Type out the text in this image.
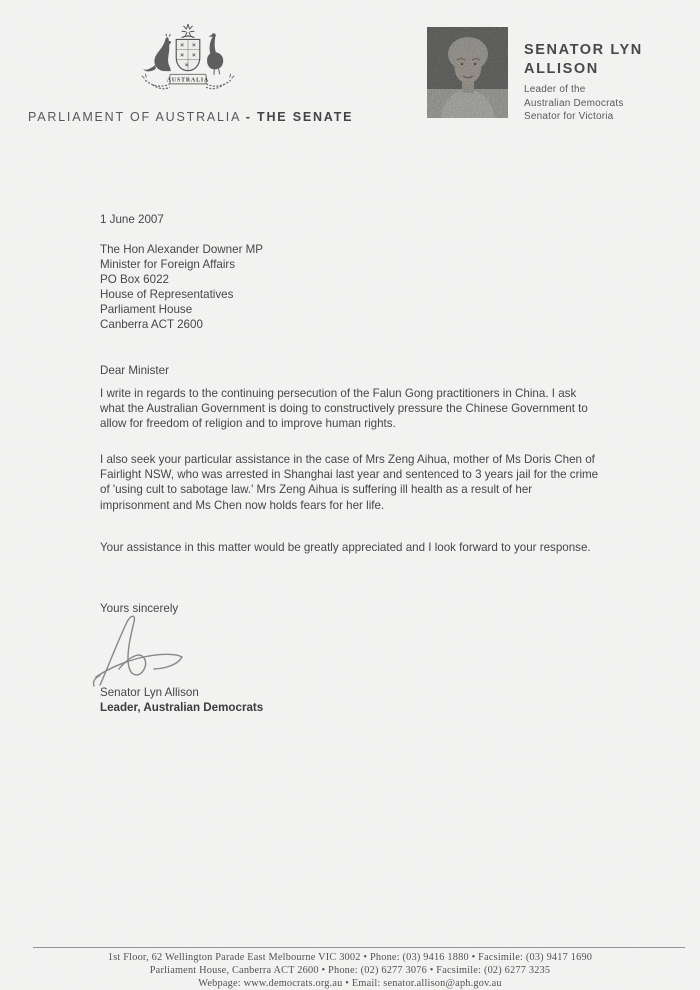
AUSTRALIA
PARLIAMENT OF AUSTRALIA - THE SENATE
SENATOR LYN
ALLISON
Leader of the
Australian Democrats
Senator for Victoria
1 June 2007
The Hon Alexander Downer MP
Minister for Foreign Affairs
PO Box 6022
House of Representatives
Parliament House
Canberra ACT 2600
Dear Minister
I write in regards to the continuing persecution of the Falun Gong practitioners in China. I ask what the Australian Government is doing to constructively pressure the Chinese Government to allow for freedom of religion and to improve human rights.
I also seek your particular assistance in the case of Mrs Zeng Aihua, mother of Ms Doris Chen of Fairlight NSW, who was arrested in Shanghai last year and sentenced to 3 years jail for the crime of 'using cult to sabotage law.' Mrs Zeng Aihua is suffering ill health as a result of her imprisonment and Ms Chen now holds fears for her life.
Your assistance in this matter would be greatly appreciated and I look forward to your response.
Yours sincerely
Senator Lyn Allison
Leader, Australian Democrats
1st Floor, 62 Wellington Parade East Melbourne VIC 3002 • Phone: (03) 9416 1880 • Facsimile: (03) 9417 1690
Parliament House, Canberra ACT 2600 • Phone: (02) 6277 3076 • Facsimile: (02) 6277 3235
Webpage: www.democrats.org.au • Email: senator.allison@aph.gov.au
